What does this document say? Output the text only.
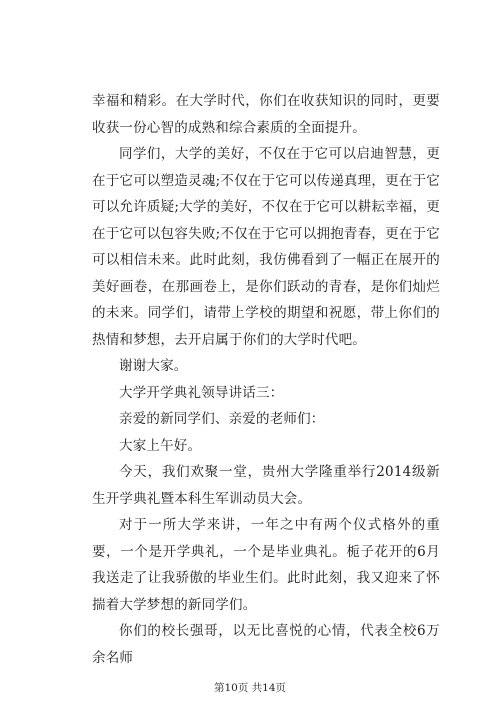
幸福和精彩。在大学时代，你们在收获知识的同时，更要收获一份心智的成熟和综合素质的全面提升。

同学们，大学的美好，不仅在于它可以启迪智慧，更在于它可以塑造灵魂;不仅在于它可以传递真理，更在于它可以允许质疑;大学的美好，不仅在于它可以耕耘幸福，更在于它可以包容失败;不仅在于它可以拥抱青春，更在于它可以相信未来。此时此刻，我仿佛看到了一幅正在展开的美好画卷，在那画卷上，是你们跃动的青春，是你们灿烂的未来。同学们，请带上学校的期望和祝愿，带上你们的热情和梦想，去开启属于你们的大学时代吧。

谢谢大家。

大学开学典礼领导讲话三：

亲爱的新同学们、亲爱的老师们：

大家上午好。

今天，我们欢聚一堂，贵州大学隆重举行2014级新生开学典礼暨本科生军训动员大会。

对于一所大学来讲，一年之中有两个仪式格外的重要，一个是开学典礼，一个是毕业典礼。栀子花开的6月我送走了让我骄傲的毕业生们。此时此刻，我又迎来了怀揣着大学梦想的新同学们。

你们的校长强哥，以无比喜悦的心情，代表全校6万余名师

第10页 共14页
